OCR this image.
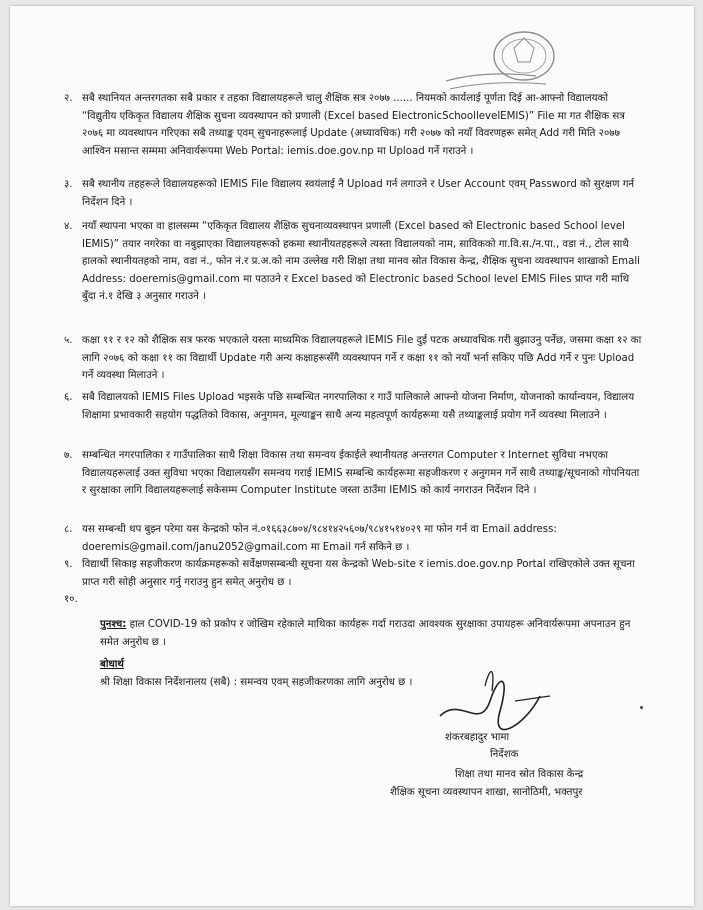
२. सबै स्थानियत अन्तरगतका सबै प्रकार र तहका विद्यालयहरूले चालु शैक्षिक सत्र २०७७ ...... नियमको कार्यलाई पूर्णता दिई आ-आफ्नो विद्यालयको “विद्युतीय एकिकृत विद्यालय शैक्षिक सुचना व्यवस्थापन को प्रणाली (Excel based ElectronicSchoollevelEMIS)” File मा गत शैक्षिक सत्र २०७६ मा व्यवस्थापन गरिएका सबै तथ्याङ्क एवम् सुचनाहरूलाई Update (अध्यावधिक) गरी २०७७ को नयाँ विवरणहरू समेत् Add गरी मिति २०७७ आश्विन मसान्त सम्ममा अनिवार्यरूपमा Web Portal: iemis.doe.gov.np मा Upload गर्ने गराउने ।
३. सबै स्थानीय तहहरूले विद्यालयहरूको IEMIS File विद्यालय स्वयंलाई नै Upload गर्न लगाउने र User Account एवम् Password को सुरक्षण गर्न निर्देशन दिने ।
४. नयाँ स्थापना भएका वा हालसम्म “एकिकृत विद्यालय शैक्षिक सुचनाव्यवस्थापन प्रणाली (Excel based को Electronic based School level IEMIS)” तयार नगरेका वा नबुझाएका विद्यालयहरूको हकमा स्थानीयतहहरूले त्यस्ता विद्यालयको नाम, साविकको गा.वि.स./न.पा., वडा नं., टोल साथै हालको स्थानीयतहको नाम, वडा नं., फोन नं.र प्र.अ.को नाम उल्लेख गरी शिक्षा तथा मानव स्रोत विकास केन्द्र, शैक्षिक सुचना व्यवस्थापन शाखाको Emali Address: doeremis@gmail.com मा पठाउने र Excel based को Electronic based School level EMIS Files प्राप्त गरी माथि बुँदा नं.१ देखि ३ अनुसार गराउने ।
५. कक्षा ११ र १२ को शैक्षिक सत्र फरक भएकाले यस्ता माध्यमिक विद्यालयहरूले IEMIS File दुई पटक अध्यावधिक गरी बुझाउनु पर्नेछ, जसमा कक्षा १२ का लागि २०७६ को कक्षा ११ का विद्यार्थी Update गरी अन्य कक्षाहरूसँगै व्यवस्थापन गर्ने र कक्षा ११ को नयाँ भर्ना सकिए पछि Add गर्ने र पुनः Upload गर्ने व्यवस्था मिलाउने ।
६. सबै विद्यालयको IEMIS Files Upload भइसके पछि सम्बन्धित नगरपालिका र गाउँ पालिकाले आफ्नो योजना निर्माण, योजनाको कार्यान्वयन, विद्यालय शिक्षामा प्रभावकारी सहयोग पद्धतिको विकास, अनुगमन, मूल्याङ्कन साथै अन्य महत्वपूर्ण कार्यहरूमा यसै तथ्याङ्कलाई प्रयोग गर्ने व्यवस्था मिलाउने ।
७. सम्बन्धित नगरपालिका र गाउँपालिका साथै शिक्षा विकास तथा समन्वय ईकाईले स्थानीयतह अन्तरगत Computer र Internet सुविधा नभएका विद्यालयहरूलाई उक्त सुविधा भएका विद्यालयसँग समन्वय गराई IEMIS सम्बन्धि कार्यहरूमा सहजीकरण र अनुगमन गर्ने साथै तथ्याङ्क/सूचनाको गोपनियता र सुरक्षाका लागि विद्यालयहरूलाई सकेसम्म Computer Institute जस्ता ठाउँमा IEMIS को कार्य नगराउन निर्देशन दिने ।
८. यस सम्बन्धी थप बुझ्न परेमा यस केन्द्रको फोन नं.०१६६३८७०४/९८४१४२५६०७/९८४१५१४०२९ मा फोन गर्न वा Email address: doeremis@gmail.com/janu2052@gmail.com मा Email गर्न सकिने छ ।
९. विद्यार्थी सिकाइ सहजीकरण कार्यक्रमहरूको सर्वेक्षणसम्बन्धी सूचना यस केन्द्रको Web-site र iemis.doe.gov.np Portal राखिएकोले उक्त सूचना प्राप्त गरी सोही अनुसार गर्नु गराउनु हुन समेत् अनुरोध छ ।
१०.
पुनश्च: हाल COVID-19 को प्रकोप र जोखिम रहेकाले माथिका कार्यहरू गर्दा गराउदा आवश्यक सुरक्षाका उपायहरू अनिवार्यरूपमा अपनाउन हुन समेत अनुरोध छ ।
बोधार्थ
श्री शिक्षा विकास निर्देशनालय (सबै) : समन्वय एवम् सहजीकरणका लागि अनुरोध छ ।
शंकरबहादुर भामा
निर्देशक
शिक्षा तथा मानव स्रोत विकास केन्द्र
शैक्षिक सूचना व्यवस्थापन शाखा, सानोठिमी, भक्तपुर
